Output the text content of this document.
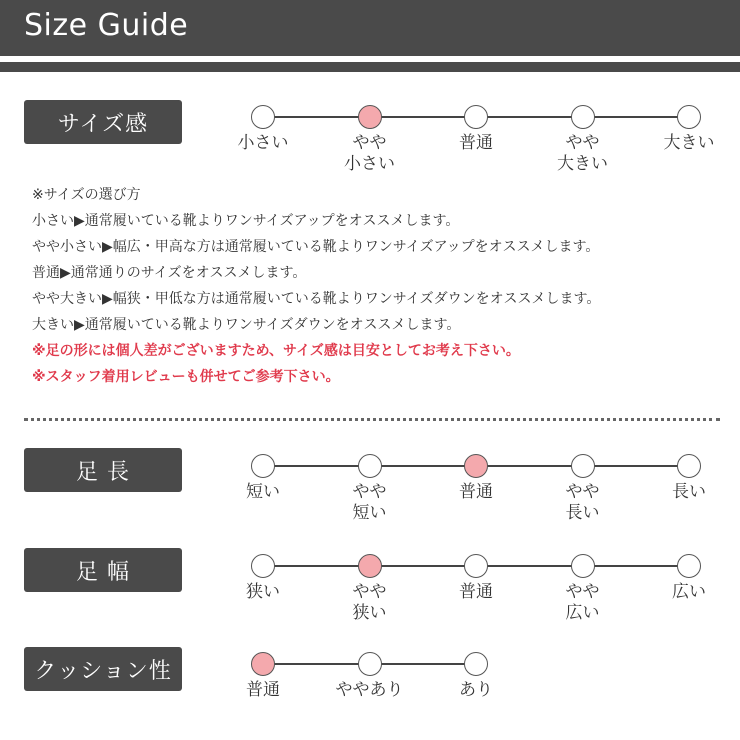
Size Guide
サイズ感
小さい	やや
小さい
普通	やや
大きい
大きい
※サイズの選び方
小さい▶通常履いている靴よりワンサイズアップをオススメします。
やや小さい▶幅広・甲高な方は通常履いている靴よりワンサイズアップをオススメします。
普通▶通常通りのサイズをオススメします。
やや大きい▶幅狭・甲低な方は通常履いている靴よりワンサイズダウンをオススメします。
大きい▶通常履いている靴よりワンサイズダウンをオススメします。
※足の形には個人差がございますため、サイズ感は目安としてお考え下さい。
※スタッフ着用レビューも併せてご参考下さい。
足 長
短い	やや
短い
普通	やや
長い
長い
足 幅
狭い	やや
狭い
普通	やや
広い
広い
クッション性
普通	ややあり	あり
